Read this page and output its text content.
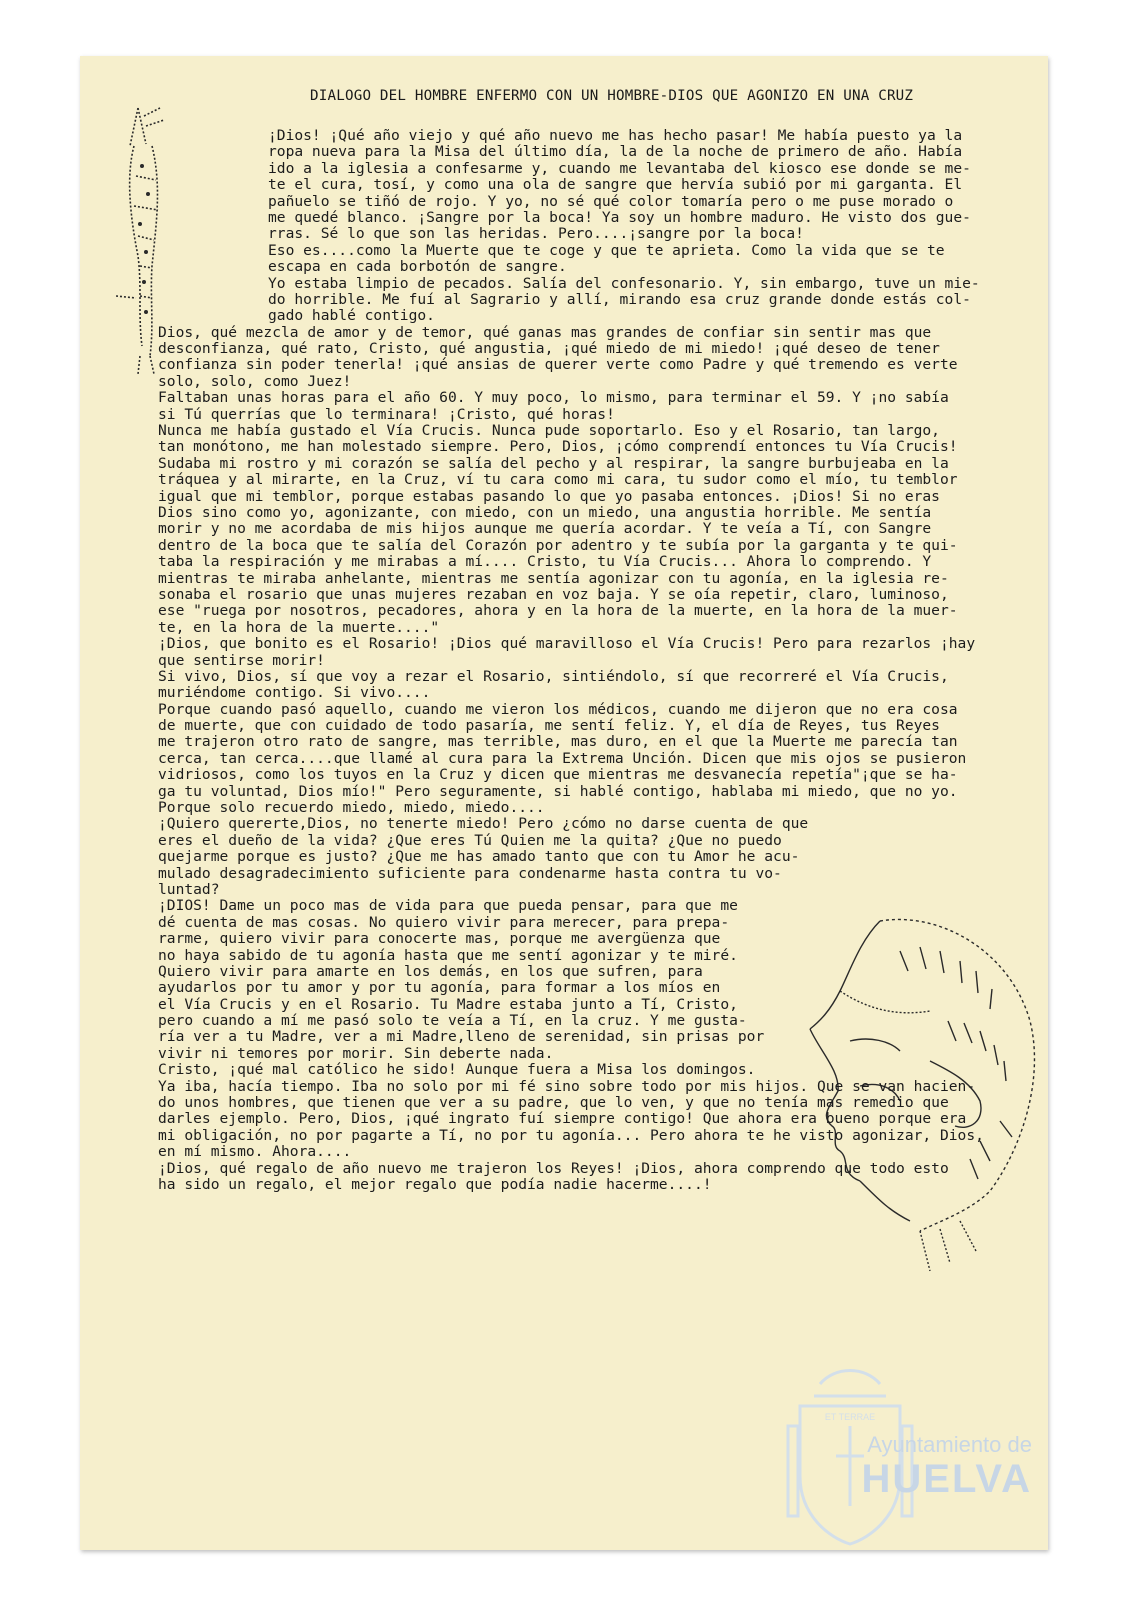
DIALOGO DEL HOMBRE ENFERMO CON UN HOMBRE-DIOS QUE AGONIZO EN UNA CRUZ
ET TERRAE
¡Dios! ¡Qué año viejo y qué año nuevo me has hecho pasar! Me había puesto ya la
ropa nueva para la Misa del último día, la de la noche de primero de año. Había
ido a la iglesia a confesarme y, cuando me levantaba del kiosco ese donde se me-
te el cura, tosí, y como una ola de sangre que hervía subió por mi garganta. El
pañuelo se tiñó de rojo. Y yo, no sé qué color tomaría pero o me puse morado o
me quedé blanco. ¡Sangre por la boca! Ya soy un hombre maduro. He visto dos gue-
rras. Sé lo que son las heridas. Pero....¡sangre por la boca!
Eso es....como la Muerte que te coge y que te aprieta. Como la vida que se te
escapa en cada borbotón de sangre.
Yo estaba limpio de pecados. Salía del confesonario. Y, sin embargo, tuve un mie-
do horrible. Me fuí al Sagrario y allí, mirando esa cruz grande donde estás col-
gado hablé contigo.
Dios, qué mezcla de amor y de temor, qué ganas mas grandes de confiar sin sentir mas que
desconfianza, qué rato, Cristo, qué angustia, ¡qué miedo de mi miedo! ¡qué deseo de tener
confianza sin poder tenerla! ¡qué ansias de querer verte como Padre y qué tremendo es verte
solo, solo, como Juez!
Faltaban unas horas para el año 60. Y muy poco, lo mismo, para terminar el 59. Y ¡no sabía
si Tú querrías que lo terminara! ¡Cristo, qué horas!
Nunca me había gustado el Vía Crucis. Nunca pude soportarlo. Eso y el Rosario, tan largo,
tan monótono, me han molestado siempre. Pero, Dios, ¡cómo comprendí entonces tu Vía Crucis!
Sudaba mi rostro y mi corazón se salía del pecho y al respirar, la sangre burbujeaba en la
tráquea y al mirarte, en la Cruz, ví tu cara como mi cara, tu sudor como el mío, tu temblor
igual que mi temblor, porque estabas pasando lo que yo pasaba entonces. ¡Dios! Si no eras
Dios sino como yo, agonizante, con miedo, con un miedo, una angustia horrible. Me sentía
morir y no me acordaba de mis hijos aunque me quería acordar. Y te veía a Tí, con Sangre
dentro de la boca que te salía del Corazón por adentro y te subía por la garganta y te qui-
taba la respiración y me mirabas a mí.... Cristo, tu Vía Crucis... Ahora lo comprendo. Y
mientras te miraba anhelante, mientras me sentía agonizar con tu agonía, en la iglesia re-
sonaba el rosario que unas mujeres rezaban en voz baja. Y se oía repetir, claro, luminoso,
ese "ruega por nosotros, pecadores, ahora y en la hora de la muerte, en la hora de la muer-
te, en la hora de la muerte...."
¡Dios, que bonito es el Rosario! ¡Dios qué maravilloso el Vía Crucis! Pero para rezarlos ¡hay
que sentirse morir!
Si vivo, Dios, sí que voy a rezar el Rosario, sintiéndolo, sí que recorreré el Vía Crucis,
muriéndome contigo. Si vivo....
Porque cuando pasó aquello, cuando me vieron los médicos, cuando me dijeron que no era cosa
de muerte, que con cuidado de todo pasaría, me sentí feliz. Y, el día de Reyes, tus Reyes
me trajeron otro rato de sangre, mas terrible, mas duro, en el que la Muerte me parecía tan
cerca, tan cerca....que llamé al cura para la Extrema Unción. Dicen que mis ojos se pusieron
vidriosos, como los tuyos en la Cruz y dicen que mientras me desvanecía repetía"¡que se ha-
ga tu voluntad, Dios mío!" Pero seguramente, si hablé contigo, hablaba mi miedo, que no yo.
Porque solo recuerdo miedo, miedo, miedo....
¡Quiero quererte,Dios, no tenerte miedo! Pero ¿cómo no darse cuenta de que
eres el dueño de la vida? ¿Que eres Tú Quien me la quita? ¿Que no puedo
quejarme porque es justo? ¿Que me has amado tanto que con tu Amor he acu-
mulado desagradecimiento suficiente para condenarme hasta contra tu vo-
luntad?
¡DIOS! Dame un poco mas de vida para que pueda pensar, para que me
dé cuenta de mas cosas. No quiero vivir para merecer, para prepa-
rarme, quiero vivir para conocerte mas, porque me avergüenza que
no haya sabido de tu agonía hasta que me sentí agonizar y te miré.
Quiero vivir para amarte en los demás, en los que sufren, para
ayudarlos por tu amor y por tu agonía, para formar a los míos en
el Vía Crucis y en el Rosario. Tu Madre estaba junto a Tí, Cristo,
pero cuando a mí me pasó solo te veía a Tí, en la cruz. Y me gusta-
ría ver a tu Madre, ver a mi Madre,lleno de serenidad, sin prisas por
vivir ni temores por morir. Sin deberte nada.
Cristo, ¡qué mal católico he sido! Aunque fuera a Misa los domingos.
Ya iba, hacía tiempo. Iba no solo por mi fé sino sobre todo por mis hijos. Que se van hacien-
do unos hombres, que tienen que ver a su padre, que lo ven, y que no tenía mas remedio que
darles ejemplo. Pero, Dios, ¡qué ingrato fuí siempre contigo! Que ahora era bueno porque era
mi obligación, no por pagarte a Tí, no por tu agonía... Pero ahora te he visto agonizar, Dios,
en mí mismo. Ahora....
¡Dios, qué regalo de año nuevo me trajeron los Reyes! ¡Dios, ahora comprendo que todo esto
ha sido un regalo, el mejor regalo que podía nadie hacerme....!
Ayuntamiento de
HUELVA
